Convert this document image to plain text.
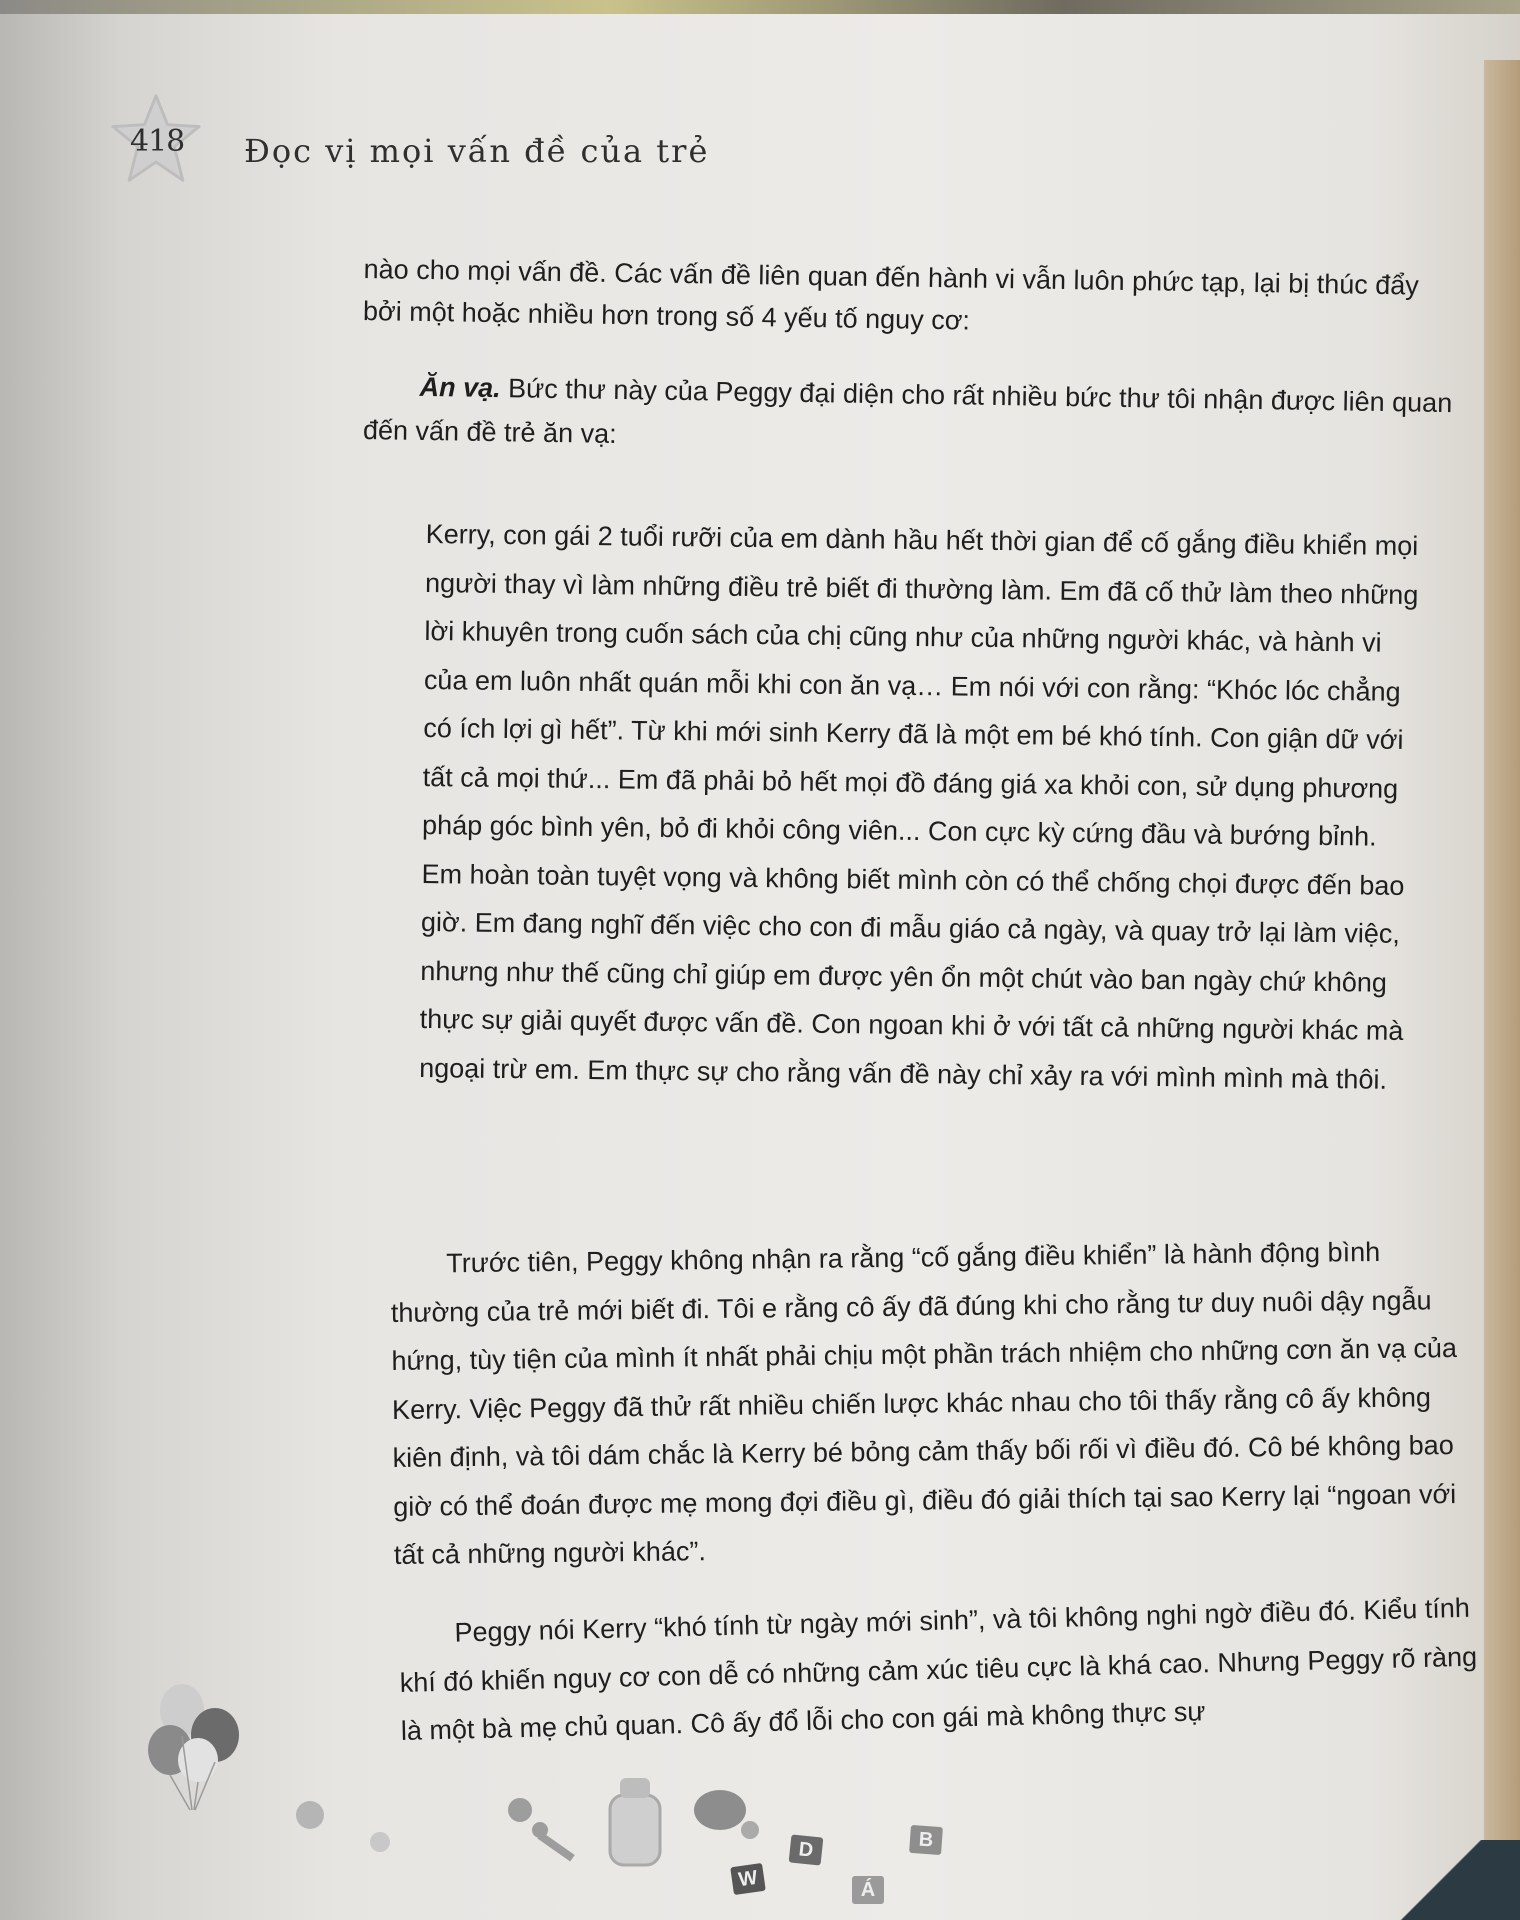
418 Đọc vị mọi vấn đề của trẻ
nào cho mọi vấn đề. Các vấn đề liên quan đến hành vi vẫn luôn phức tạp, lại bị thúc đẩy bởi một hoặc nhiều hơn trong số 4 yếu tố nguy cơ:
Ăn vạ. Bức thư này của Peggy đại diện cho rất nhiều bức thư tôi nhận được liên quan đến vấn đề trẻ ăn vạ:
Kerry, con gái 2 tuổi rưỡi của em dành hầu hết thời gian để cố gắng điều khiển mọi người thay vì làm những điều trẻ biết đi thường làm. Em đã cố thử làm theo những lời khuyên trong cuốn sách của chị cũng như của những người khác, và hành vi của em luôn nhất quán mỗi khi con ăn vạ… Em nói với con rằng: “Khóc lóc chẳng có ích lợi gì hết”. Từ khi mới sinh Kerry đã là một em bé khó tính. Con giận dữ với tất cả mọi thứ... Em đã phải bỏ hết mọi đồ đáng giá xa khỏi con, sử dụng phương pháp góc bình yên, bỏ đi khỏi công viên... Con cực kỳ cứng đầu và bướng bỉnh. Em hoàn toàn tuyệt vọng và không biết mình còn có thể chống chọi được đến bao giờ. Em đang nghĩ đến việc cho con đi mẫu giáo cả ngày, và quay trở lại làm việc, nhưng như thế cũng chỉ giúp em được yên ổn một chút vào ban ngày chứ không thực sự giải quyết được vấn đề. Con ngoan khi ở với tất cả những người khác mà ngoại trừ em. Em thực sự cho rằng vấn đề này chỉ xảy ra với mình mình mà thôi.
Trước tiên, Peggy không nhận ra rằng “cố gắng điều khiển” là hành động bình thường của trẻ mới biết đi. Tôi e rằng cô ấy đã đúng khi cho rằng tư duy nuôi dậy ngẫu hứng, tùy tiện của mình ít nhất phải chịu một phần trách nhiệm cho những cơn ăn vạ của Kerry. Việc Peggy đã thử rất nhiều chiến lược khác nhau cho tôi thấy rằng cô ấy không kiên định, và tôi dám chắc là Kerry bé bỏng cảm thấy bối rối vì điều đó. Cô bé không bao giờ có thể đoán được mẹ mong đợi điều gì, điều đó giải thích tại sao Kerry lại “ngoan với tất cả những người khác”.
Peggy nói Kerry “khó tính từ ngày mới sinh”, và tôi không nghi ngờ điều đó. Kiểu tính khí đó khiến nguy cơ con dễ có những cảm xúc tiêu cực là khá cao. Nhưng Peggy rõ ràng là một bà mẹ chủ quan. Cô ấy đổ lỗi cho con gái mà không thực sự
W
D	B
Á
